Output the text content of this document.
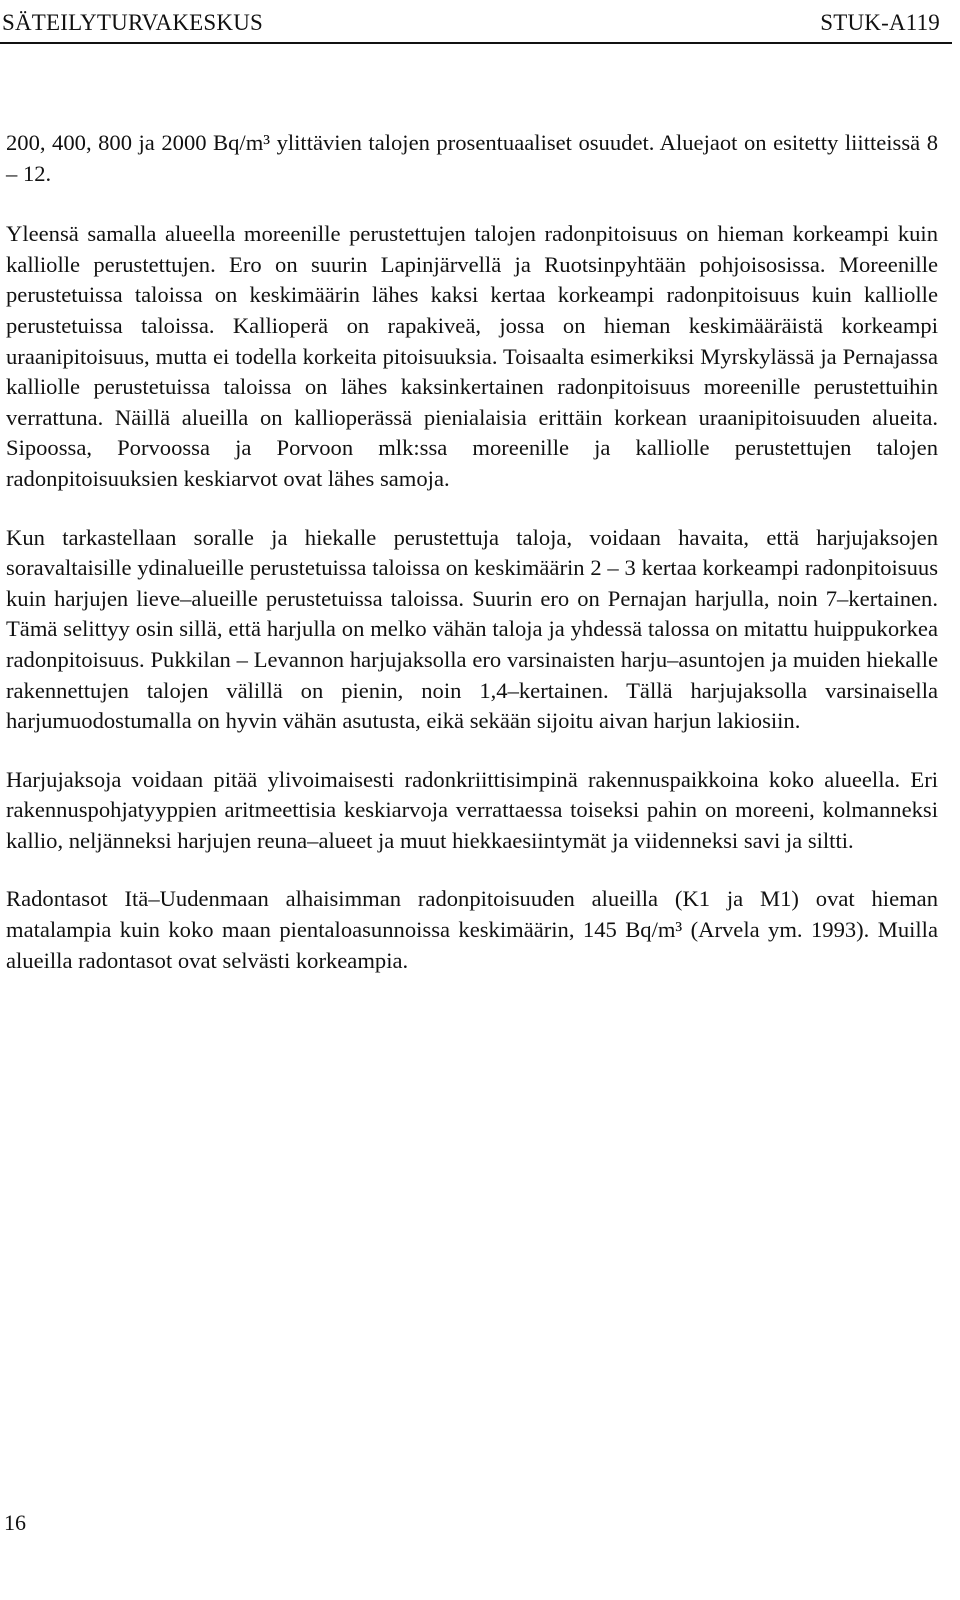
SÄTEILYTURVAKESKUS	STUK-A119

200, 400, 800 ja 2000 Bq/m³ ylittävien talojen prosentuaaliset osuudet. Aluejaot on esitetty liitteissä 8 – 12.

Yleensä samalla alueella moreenille perustettujen talojen radonpitoisuus on hieman korkeampi kuin kalliolle perustettujen. Ero on suurin Lapinjärvellä ja Ruotsinpyhtään pohjoisosissa. Moreenille perustetuissa taloissa on keskimäärin lähes kaksi kertaa korkeampi radonpitoisuus kuin kalliolle perustetuissa taloissa. Kallioperä on rapakiveä, jossa on hieman keskimääräistä korkeampi uraanipitoisuus, mutta ei todella korkeita pitoisuuksia. Toisaalta esimerkiksi Myrskylässä ja Pernajassa kalliolle perustetuissa taloissa on lähes kaksinkertainen radonpitoisuus moreenille perustettuihin verrattuna. Näillä alueilla on kallioperässä pienialaisia erittäin korkean uraanipitoisuuden alueita. Sipoossa, Porvoossa ja Porvoon mlk:ssa moreenille ja kalliolle perustettujen talojen radonpitoisuuksien keskiarvot ovat lähes samoja.

Kun tarkastellaan soralle ja hiekalle perustettuja taloja, voidaan havaita, että harjujaksojen soravaltaisille ydinalueille perustetuissa taloissa on keskimäärin 2 – 3 kertaa korkeampi radonpitoisuus kuin harjujen lieve–alueille perustetuissa taloissa. Suurin ero on Pernajan harjulla, noin 7–kertainen. Tämä selittyy osin sillä, että harjulla on melko vähän taloja ja yhdessä talossa on mitattu huippukorkea radonpitoisuus. Pukkilan – Levannon harjujaksolla ero varsinaisten harju–asuntojen ja muiden hiekalle rakennettujen talojen välillä on pienin, noin 1,4–kertainen. Tällä harjujaksolla varsinaisella harjumuodostumalla on hyvin vähän asutusta, eikä sekään sijoitu aivan harjun lakiosiin.

Harjujaksoja voidaan pitää ylivoimaisesti radonkriittisimpinä rakennuspaikkoina koko alueella. Eri rakennuspohjatyyppien aritmeettisia keskiarvoja verrattaessa toiseksi pahin on moreeni, kolmanneksi kallio, neljänneksi harjujen reuna–alueet ja muut hiekkaesiintymät ja viidenneksi savi ja siltti.

Radontasot Itä–Uudenmaan alhaisimman radonpitoisuuden alueilla (K1 ja M1) ovat hieman matalampia kuin koko maan pientaloasunnoissa keskimäärin, 145 Bq/m³ (Arvela ym. 1993). Muilla alueilla radontasot ovat selvästi korkeampia.

16
